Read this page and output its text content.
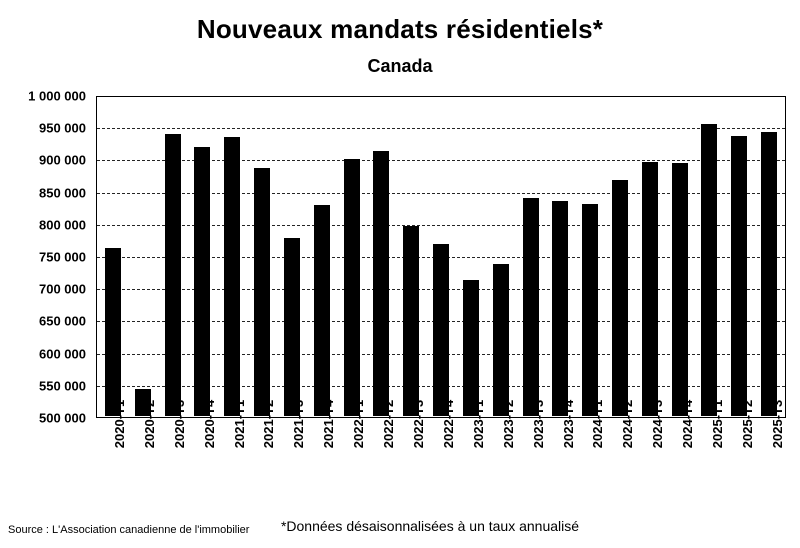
Nouveaux mandats résidentiels*
Canada
1 000 000
950 000
900 000
850 000
800 000
750 000
700 000
650 000
600 000
550 000
500 000 2020-T1 2020-T2 2020-T3 2020-T4 2021-T1 2021-T2 2021-T3 2021-T4 2022-T1 2022-T2 2022-T3 2022-T4 2023-T1 2023-T2 2023-T3 2023-T4 2024-T1 2024-T2 2024-T3 2024-T4 2025-T1 2025-T2 2025-T3
Source : L'Association canadienne de l'immobilier	*Données désaisonnalisées à un taux annualisé
